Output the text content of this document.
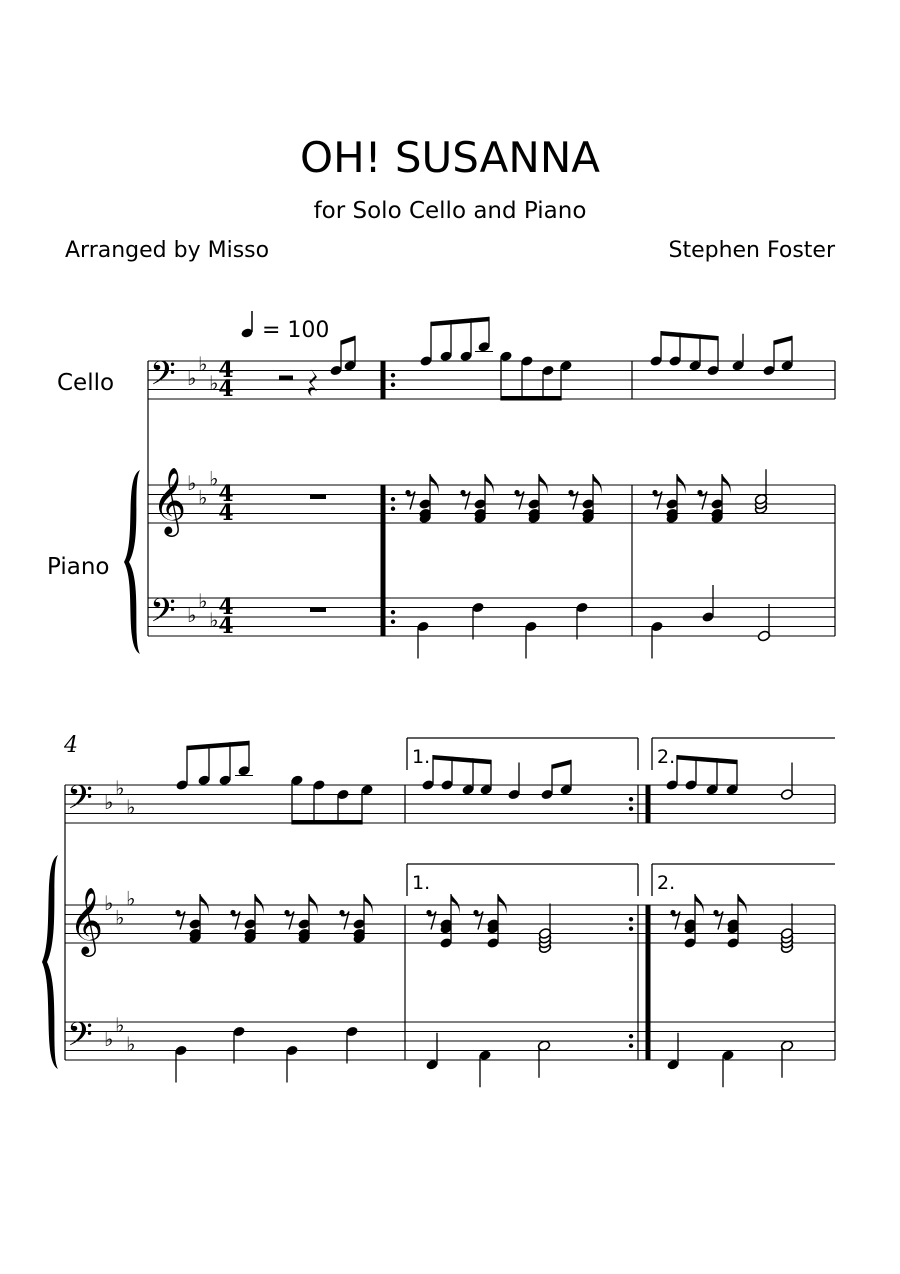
OH! SUSANNA
for Solo Cello and Piano
Arranged by Misso	Stephen Foster
= 100
Cello
Piano
𝄢
𝄞
𝄢
𝄢
𝄞
𝄢
♭
♭
♭
♭
♭
♭
♭
♭
♭
♭
♭
♭
♭
♭
♭
♭
♭
♭
4
4
4
4
4
4
1.	2.
1.	2.
4
